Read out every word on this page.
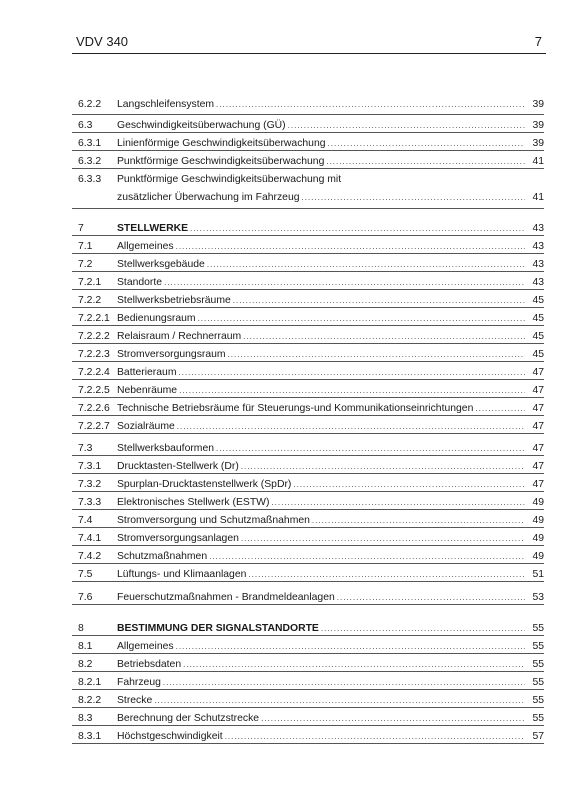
VDV 340	7
6.2.2 Langschleifensystem .....	39
6.3 Geschwindigkeitsüberwachung (GÜ) .....	39
6.3.1 Linienförmige Geschwindigkeitsüberwachung .....	39
6.3.2 Punktförmige Geschwindigkeitsüberwachung .....	41
6.3.3 Punktförmige Geschwindigkeitsüberwachung mit
zusätzlicher Überwachung im Fahrzeug .....	41
7	STELLWERKE .....	43
7.1 Allgemeines .....	43
7.2 Stellwerksgebäude .....	43
7.2.1 Standorte .....	43
7.2.2 Stellwerksbetriebsräume .....	45
7.2.2.1 Bedienungsraum .....	45
7.2.2.2 Relaisraum / Rechnerraum .....	45
7.2.2.3 Stromversorgungsraum .....	45
7.2.2.4 Batterieraum .....	47
7.2.2.5 Nebenräume .....	47
7.2.2.6 Technische Betriebsräume für Steuerungs-und Kommunikationseinrichtungen .....	47
7.2.2.7 Sozialräume .....	47
7.3 Stellwerksbauformen .....	47
7.3.1 Drucktasten-Stellwerk (Dr) .....	47
7.3.2 Spurplan-Drucktastenstellwerk (SpDr) .....	47
7.3.3 Elektronisches Stellwerk (ESTW) .....	49
7.4 Stromversorgung und Schutzmaßnahmen .....	49
7.4.1 Stromversorgungsanlagen .....	49
7.4.2 Schutzmaßnahmen .....	49
7.5 Lüftungs- und Klimaanlagen .....	51
7.6 Feuerschutzmaßnahmen - Brandmeldeanlagen .....	53
8	BESTIMMUNG DER SIGNALSTANDORTE .....	55
8.1 Allgemeines .....	55
8.2 Betriebsdaten .....	55
8.2.1 Fahrzeug .....	55
8.2.2 Strecke .....	55
8.3 Berechnung der Schutzstrecke .....	55
8.3.1 Höchstgeschwindigkeit .....	57
